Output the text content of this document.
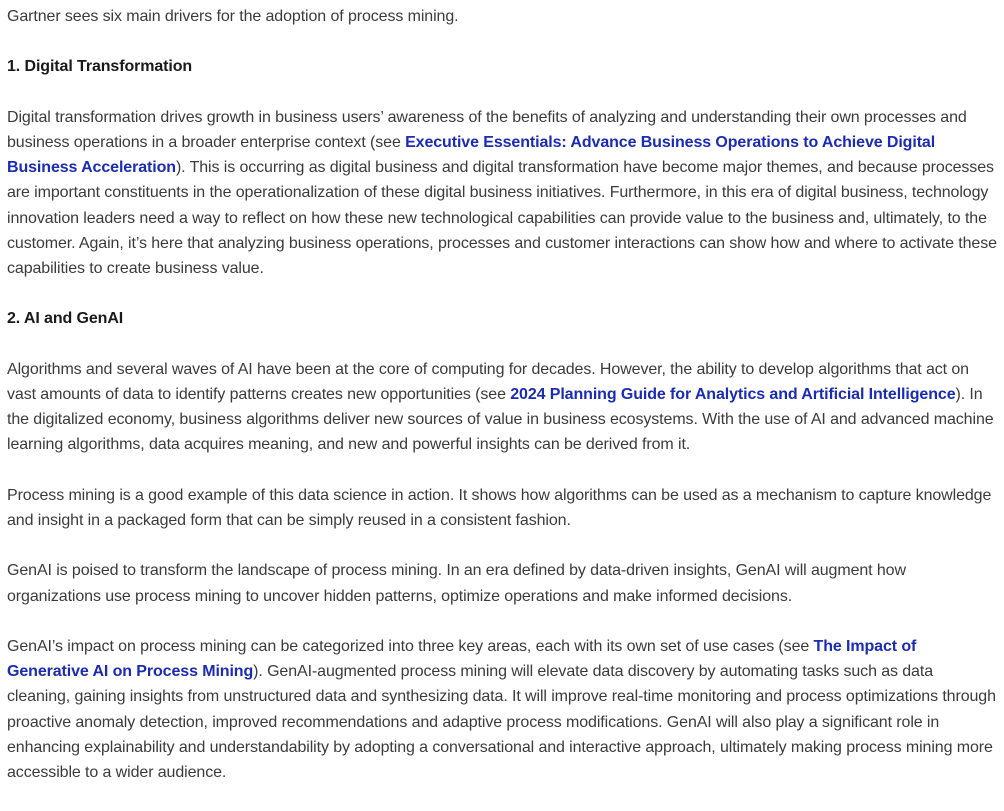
Gartner sees six main drivers for the adoption of process mining.

1. Digital Transformation

Digital transformation drives growth in business users’ awareness of the benefits of analyzing and understanding their own processes and business operations in a broader enterprise context (see Executive Essentials: Advance Business Operations to Achieve Digital Business Acceleration). This is occurring as digital business and digital transformation have become major themes, and because processes are important constituents in the operationalization of these digital business initiatives. Furthermore, in this era of digital business, technology innovation leaders need a way to reflect on how these new technological capabilities can provide value to the business and, ultimately, to the customer. Again, it’s here that analyzing business operations, processes and customer interactions can show how and where to activate these capabilities to create business value.

2. AI and GenAI

Algorithms and several waves of AI have been at the core of computing for decades. However, the ability to develop algorithms that act on vast amounts of data to identify patterns creates new opportunities (see 2024 Planning Guide for Analytics and Artificial Intelligence). In the digitalized economy, business algorithms deliver new sources of value in business ecosystems. With the use of AI and advanced machine learning algorithms, data acquires meaning, and new and powerful insights can be derived from it.

Process mining is a good example of this data science in action. It shows how algorithms can be used as a mechanism to capture knowledge and insight in a packaged form that can be simply reused in a consistent fashion.

GenAI is poised to transform the landscape of process mining. In an era defined by data-driven insights, GenAI will augment how organizations use process mining to uncover hidden patterns, optimize operations and make informed decisions.

GenAI’s impact on process mining can be categorized into three key areas, each with its own set of use cases (see The Impact of Generative AI on Process Mining). GenAI-augmented process mining will elevate data discovery by automating tasks such as data cleaning, gaining insights from unstructured data and synthesizing data. It will improve real-time monitoring and process optimizations through proactive anomaly detection, improved recommendations and adaptive process modifications. GenAI will also play a significant role in enhancing explainability and understandability by adopting a conversational and interactive approach, ultimately making process mining more accessible to a wider audience.
